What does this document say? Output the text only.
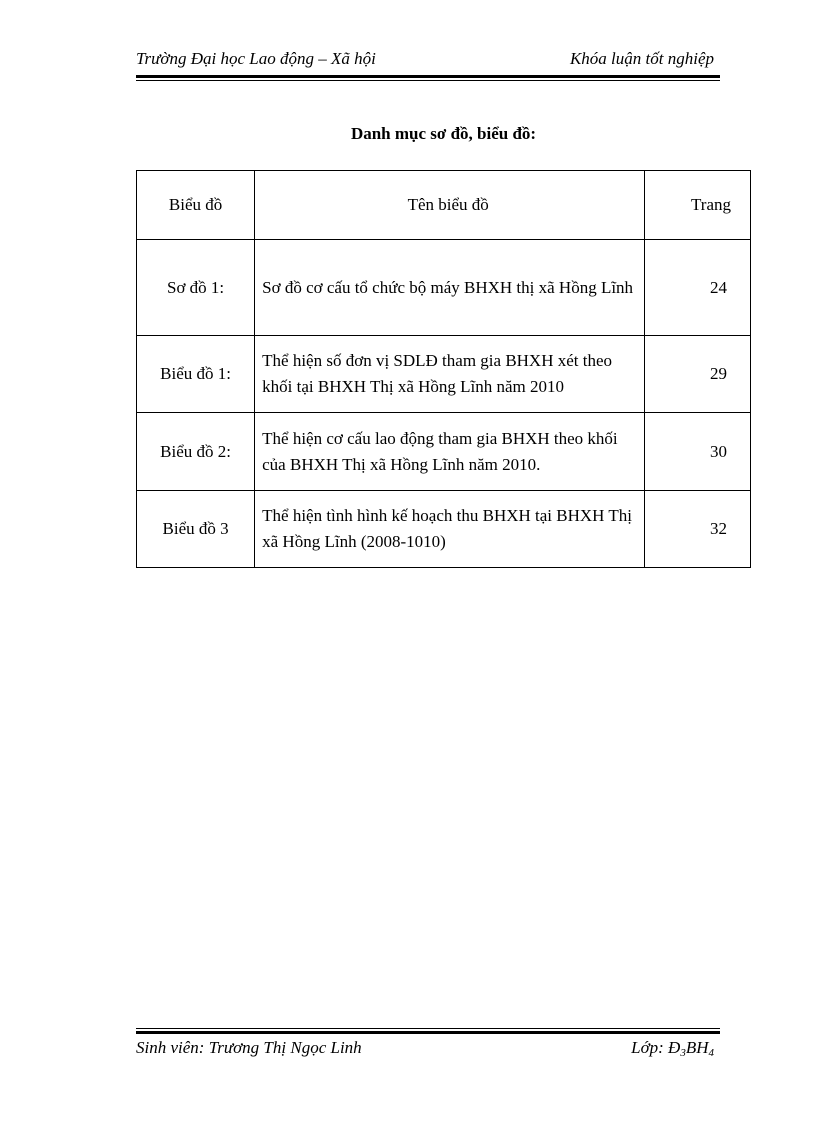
Trường Đại học Lao động – Xã hội	Khóa luận tốt nghiệp
Danh mục sơ đồ, biểu đồ:
Biểu đồ	Tên biểu đồ	Trang
Sơ đồ 1:	Sơ đồ cơ cấu tổ chức bộ máy BHXH thị xã Hồng Lĩnh	24
Biểu đồ 1:	Thể hiện số đơn vị SDLĐ tham gia BHXH xét theo khối tại BHXH Thị xã Hồng Lĩnh năm 2010	29
Biểu đồ 2:	Thể hiện cơ cấu lao động tham gia BHXH theo khối của BHXH Thị xã Hồng Lĩnh năm 2010.	30
Biểu đồ 3	Thể hiện tình hình kế hoạch thu BHXH tại BHXH Thị xã Hồng Lĩnh (2008-1010)	32
Sinh viên: Trương Thị Ngọc Linh	Lớp: $Đ_3BH_4$
